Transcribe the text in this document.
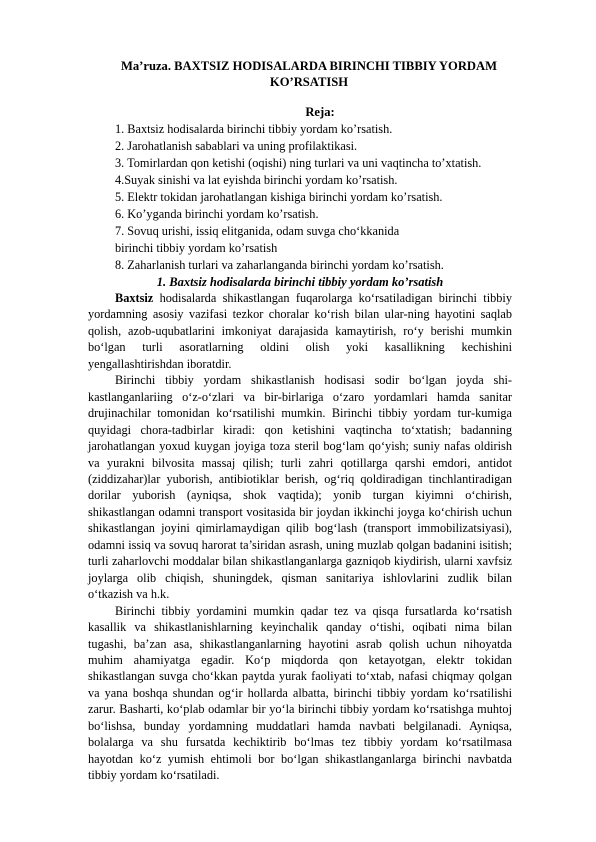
Ma’ruza. BAXTSIZ HODISALARDA BIRINCHI TIBBIY YORDAM KO’RSATISH
Reja:
1. Baxtsiz hodisalarda birinchi tibbiy yordam ko’rsatish.
2. Jarohatlanish sabablari va uning profilaktikasi.
3. Tomirlardan qon ketishi (oqishi) ning turlari va uni vaqtincha to’xtatish.
4.Suyak sinishi va lat eyishda birinchi yordam ko’rsatish.
5. Elektr tokidan jarohatlangan kishiga birinchi yordam ko’rsatish.
6. Ko’yganda birinchi yordam ko’rsatish.
7. Sovuq urishi, issiq elitganida, odam suvga cho‘kkanida
birinchi tibbiy yordam ko’rsatish
8. Zaharlanish turlari va zaharlanganda birinchi yordam ko’rsatish.
1. Baxtsiz hodisalarda birinchi tibbiy yordam ko’rsatish

Baxtsiz hodisalarda shikastlangan fuqarolarga ko‘rsatiladigan birinchi tibbiy yordamning asosiy vazifasi tezkor choralar ko‘rish bilan ular-ning hayotini saqlab qolish, azob-uqubatlarini imkoniyat darajasida kamaytirish, ro‘y berishi mumkin bo‘lgan turli asoratlarning oldini olish yoki kasallikning kechishini yengallashtirishdan iboratdir.

Birinchi tibbiy yordam shikastlanish hodisasi sodir bo‘lgan joyda shi-kastlanganlariing o‘z-o‘zlari va bir-birlariga o‘zaro yordamlari hamda sanitar drujinachilar tomonidan ko‘rsatilishi mumkin. Birinchi tibbiy yordam tur-kumiga quyidagi chora-tadbirlar kiradi: qon ketishini vaqtincha to‘xtatish; badanning jarohatlangan yoxud kuygan joyiga toza steril bog‘lam qo‘yish; suniy nafas oldirish va yurakni bilvosita massaj qilish; turli zahri qotillarga qarshi emdori, antidot (ziddizahar)lar yuborish, antibiotiklar berish, og‘riq qoldiradigan tinchlantiradigan dorilar yuborish (ayniqsa, shok vaqtida); yonib turgan kiyimni o‘chirish, shikastlangan odamni transport vositasida bir joydan ikkinchi joyga ko‘chirish uchun shikastlangan joyini qimirlamaydigan qilib bog‘lash (transport immobilizatsiyasi), odamni issiq va sovuq harorat ta’siridan asrash, uning muzlab qolgan badanini isitish; turli zaharlovchi moddalar bilan shikastlanganlarga gazniqob kiydirish, ularni xavfsiz joylarga olib chiqish, shuningdek, qisman sanitariya ishlovlarini zudlik bilan o‘tkazish va h.k.

Birinchi tibbiy yordamini mumkin qadar tez va qisqa fursatlarda ko‘rsatish kasallik va shikastlanishlarning keyinchalik qanday o‘tishi, oqibati nima bilan tugashi, ba’zan asa, shikastlanganlarning hayotini asrab qolish uchun nihoyatda muhim ahamiyatga egadir. Ko‘p miqdorda qon ketayotgan, elektr tokidan shikastlangan suvga cho‘kkan paytda yurak faoliyati to‘xtab, nafasi chiqmay qolgan va yana boshqa shundan og‘ir hollarda albatta, birinchi tibbiy yordam ko‘rsatilishi zarur. Basharti, ko‘plab odamlar bir yo‘la birinchi tibbiy yordam ko‘rsatishga muhtoj bo‘lishsa, bunday yordamning muddatlari hamda navbati belgilanadi. Ayniqsa, bolalarga va shu fursatda kechiktirib bo‘lmas tez tibbiy yordam ko‘rsatilmasa hayotdan ko‘z yumish ehtimoli bor bo‘lgan shikastlanganlarga birinchi navbatda tibbiy yordam ko‘rsatiladi.
